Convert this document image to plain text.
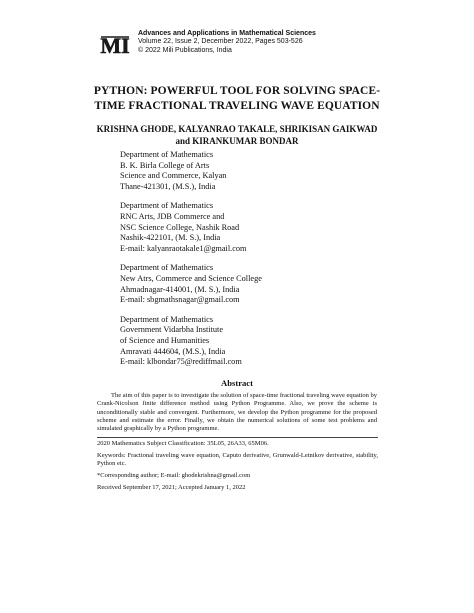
MI Advances and Applications in Mathematical Sciences
Volume 22, Issue 2, December 2022, Pages 503-526
© 2022 Mili Publications, India
PYTHON: POWERFUL TOOL FOR SOLVING SPACE-
TIME FRACTIONAL TRAVELING WAVE EQUATION
KRISHNA GHODE, KALYANRAO TAKALE, SHRIKISAN GAIKWAD
and KIRANKUMAR BONDAR
Department of Mathematics
B. K. Birla College of Arts
Science and Commerce, Kalyan
Thane-421301, (M.S.), India
Department of Mathematics
RNC Arts, JDB Commerce and
NSC Science College, Nashik Road
Nashik-422101, (M. S.), India
E-mail: kalyanraotakale1@gmail.com
Department of Mathematics
New Atrs, Commerce and Science College
Ahmadnagar-414001, (M. S.), India
E-mail: sbgmathsnagar@gmail.com
Department of Mathematics
Government Vidarbha Institute
of Science and Humanities
Amravati 444604, (M.S.), India
E-mail: klbondar75@rediffmail.com
Abstract

The aim of this paper is to investigate the solution of space-time fractional traveling wave equation by Crank-Nicolson finite difference method using Python Programme. Also, we prove the scheme is unconditionally stable and convergent. Furthermore, we develop the Python programme for the proposed scheme and estimate the error. Finally, we obtain the numerical solutions of some test problems and simulated graphically by a Python programme.

2020 Mathematics Subject Classification: 35L05, 26A33, 65M06.
Keywords: Fractional traveling wave equation, Caputo derivative, Grunwald-Letnikov derivative, stability, Python etc.
*Corresponding author; E-mail: ghodekrishna@gmail.com
Received September 17, 2021; Accepted January 1, 2022
